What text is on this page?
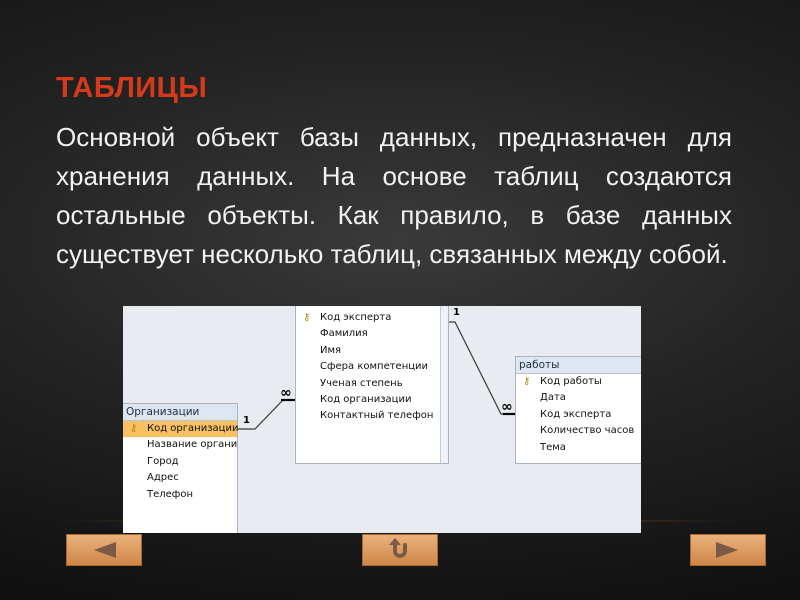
ТАБЛИЦЫ

Основной объект базы данных, предназначен для хранения данных. На основе таблиц создаются остальные объекты. Как правило, в базе данных существует несколько таблиц, связанных между собой.

Организации
⚷ Код организации
Название органи
Город
Адрес
Телефон
⚷ Код эксперта
Фамилия
Имя
Сфера компетенции
Ученая степень
Код организации
Контактный телефон
работы
⚷ Код работы
Дата
Код эксперта
Количество часов
Тема
1
∞
1
∞
